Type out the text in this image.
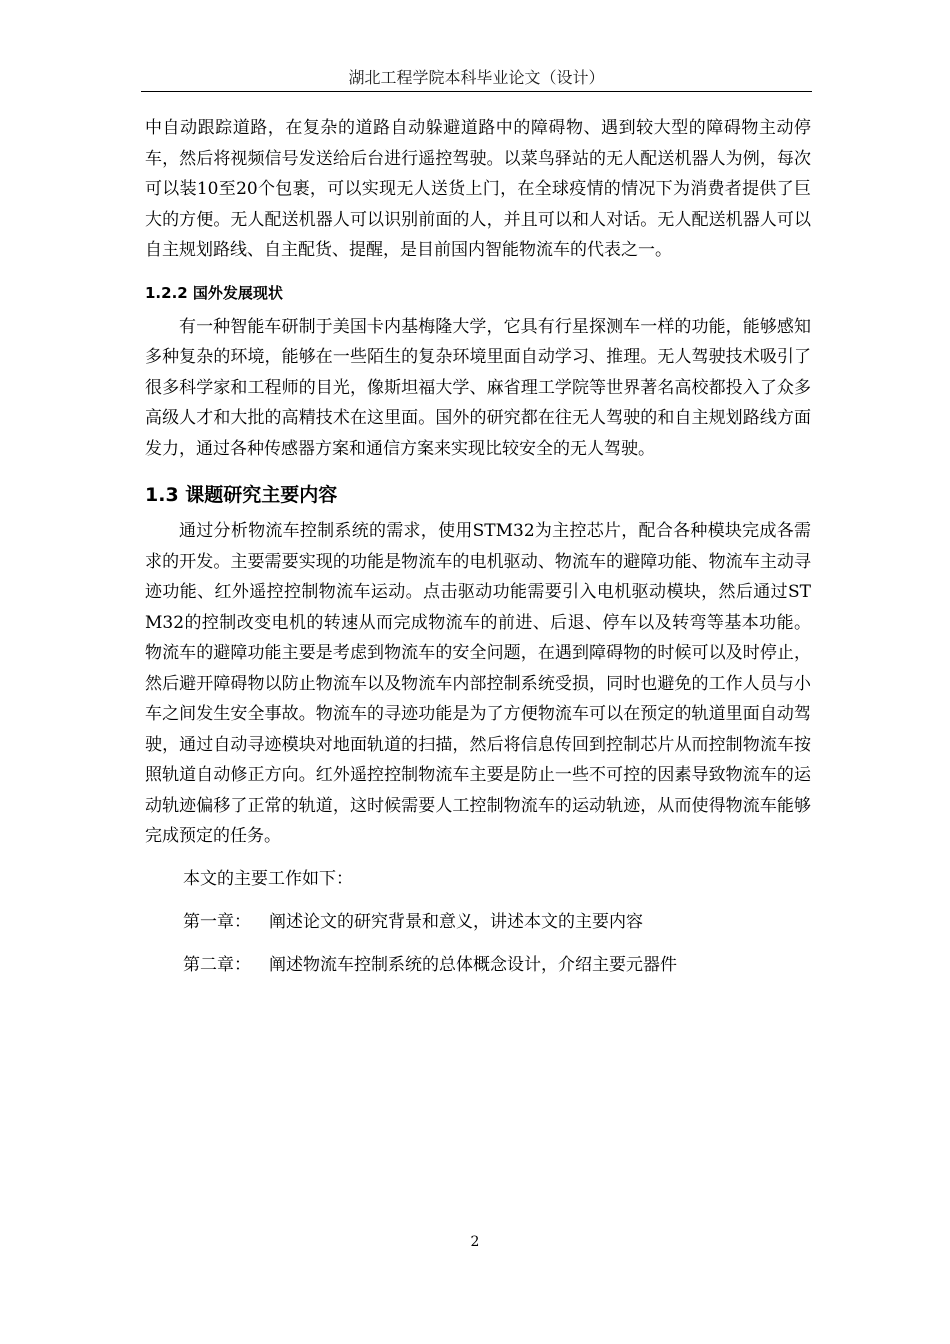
湖北工程学院本科毕业论文（设计）

中自动跟踪道路，在复杂的道路自动躲避道路中的障碍物、遇到较大型的障碍物主动停车，然后将视频信号发送给后台进行遥控驾驶。以菜鸟驿站的无人配送机器人为例，每次可以装10至20个包裹，可以实现无人送货上门，在全球疫情的情况下为消费者提供了巨大的方便。无人配送机器人可以识别前面的人，并且可以和人对话。无人配送机器人可以自主规划路线、自主配货、提醒，是目前国内智能物流车的代表之一。

1.2.2 国外发展现状

有一种智能车研制于美国卡内基梅隆大学，它具有行星探测车一样的功能，能够感知多种复杂的环境，能够在一些陌生的复杂环境里面自动学习、推理。无人驾驶技术吸引了很多科学家和工程师的目光，像斯坦福大学、麻省理工学院等世界著名高校都投入了众多高级人才和大批的高精技术在这里面。国外的研究都在往无人驾驶的和自主规划路线方面发力，通过各种传感器方案和通信方案来实现比较安全的无人驾驶。

1.3 课题研究主要内容

通过分析物流车控制系统的需求，使用STM32为主控芯片，配合各种模块完成各需求的开发。主要需要实现的功能是物流车的电机驱动、物流车的避障功能、物流车主动寻迹功能、红外遥控控制物流车运动。点击驱动功能需要引入电机驱动模块，然后通过STM32的控制改变电机的转速从而完成物流车的前进、后退、停车以及转弯等基本功能。物流车的避障功能主要是考虑到物流车的安全问题，在遇到障碍物的时候可以及时停止，然后避开障碍物以防止物流车以及物流车内部控制系统受损，同时也避免的工作人员与小车之间发生安全事故。物流车的寻迹功能是为了方便物流车可以在预定的轨道里面自动驾驶，通过自动寻迹模块对地面轨道的扫描，然后将信息传回到控制芯片从而控制物流车按照轨道自动修正方向。红外遥控控制物流车主要是防止一些不可控的因素导致物流车的运动轨迹偏移了正常的轨道，这时候需要人工控制物流车的运动轨迹，从而使得物流车能够完成预定的任务。

本文的主要工作如下：

第一章： 阐述论文的研究背景和意义，讲述本文的主要内容

第二章： 阐述物流车控制系统的总体概念设计，介绍主要元器件

2
